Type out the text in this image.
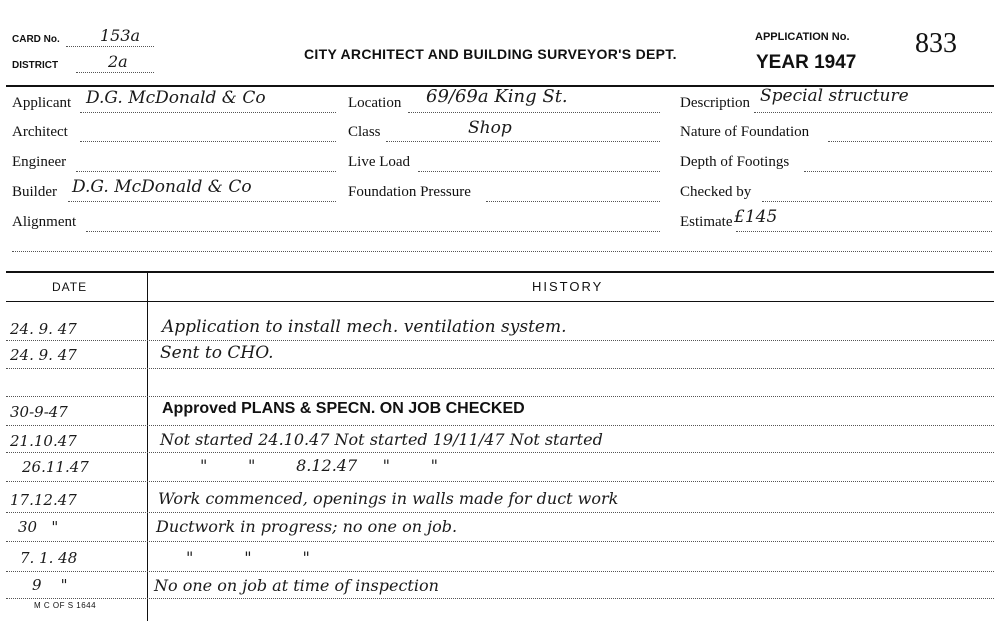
CARD No.	153a
DISTRICT	2a	CITY ARCHITECT AND BUILDING SURVEYOR'S DEPT.
APPLICATION No. 833
YEAR 1947
Applicant D.G. McDonald & Co
Architect
Engineer
Builder D.G. McDonald & Co
Alignment
Location 69/69a King St.
Class	Shop
Live Load
Foundation Pressure
Description Special structure
Nature of Foundation
Depth of Footings
Checked by
Estimate £145
DATE	HISTORY
24. 9. 47	Application to install mech. ventilation system.
24. 9. 47	Sent to CHO.
30-9-47	Approved PLANS & SPECN. ON JOB CHECKED
21.10.47	Not started 24.10.47 Not started 19/11/47 Not started
26.11.47	"        "        8.12.47     "        "
17.12.47	Work commenced, openings in walls made for duct work
30   "	Ductwork in progress; no one on job.
7. 1. 48	"          "          "
9    "	No one on job at time of inspection
M C OF S 1644
